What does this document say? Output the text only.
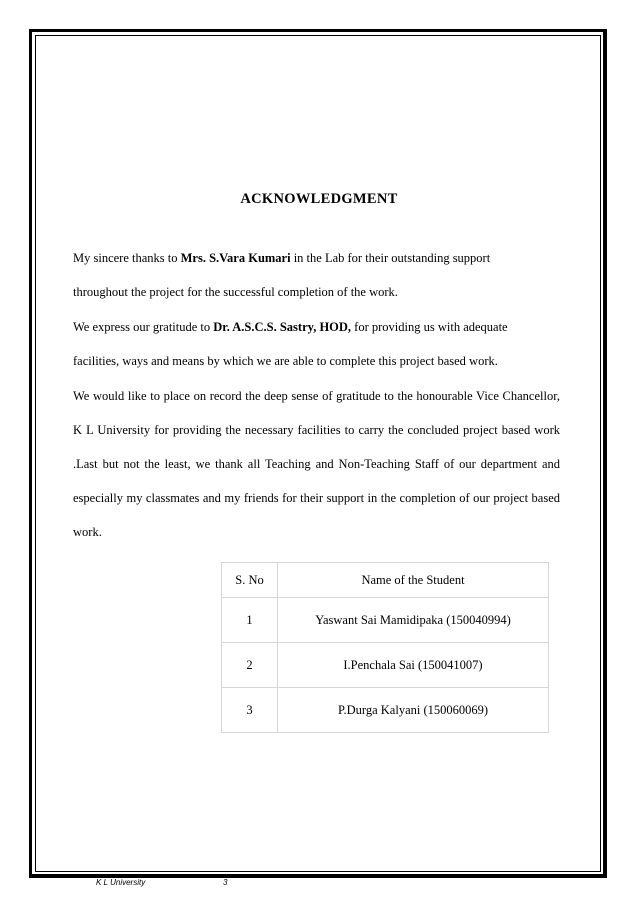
ACKNOWLEDGMENT

My sincere thanks to Mrs. S.Vara Kumari in the Lab for their outstanding support
throughout the project for the successful completion of the work.

We express our gratitude to Dr. A.S.C.S. Sastry, HOD, for providing us with adequate
facilities, ways and means by which we are able to complete this project based work.

We would like to place on record the deep sense of gratitude to the honourable Vice Chancellor,
K L University for providing the necessary facilities to carry the concluded project based work
.Last but not the least, we thank all Teaching and Non-Teaching Staff of our department and
especially my classmates and my friends for their support in the completion of our project based
work.

S. No	Name of the Student
1	Yaswant Sai Mamidipaka (150040994)
2	I.Penchala Sai (150041007)
3	P.Durga Kalyani (150060069)
K L University	3
